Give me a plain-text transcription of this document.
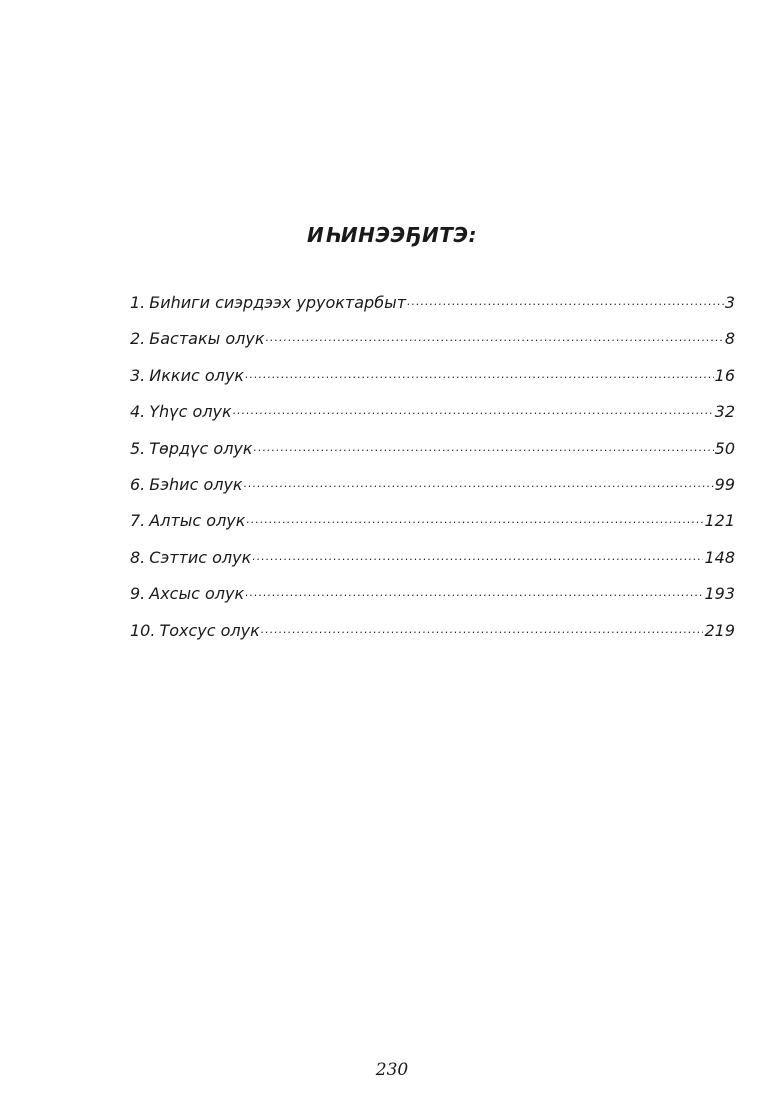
ИҺИНЭЭҔИТЭ:
1. Биһиги сиэрдээх уруоктарбыт .....	3
2. Бастакы олук .....	8
3. Иккис олук .....	16
4. Үһүс олук .....	32
5. Төрдүс олук .....	50
6. Бэһис олук .....	99
7. Алтыс олук .....	121
8. Сэттис олук .....	148
9. Ахсыс олук .....	193
10. Тохсус олук .....	219
230
